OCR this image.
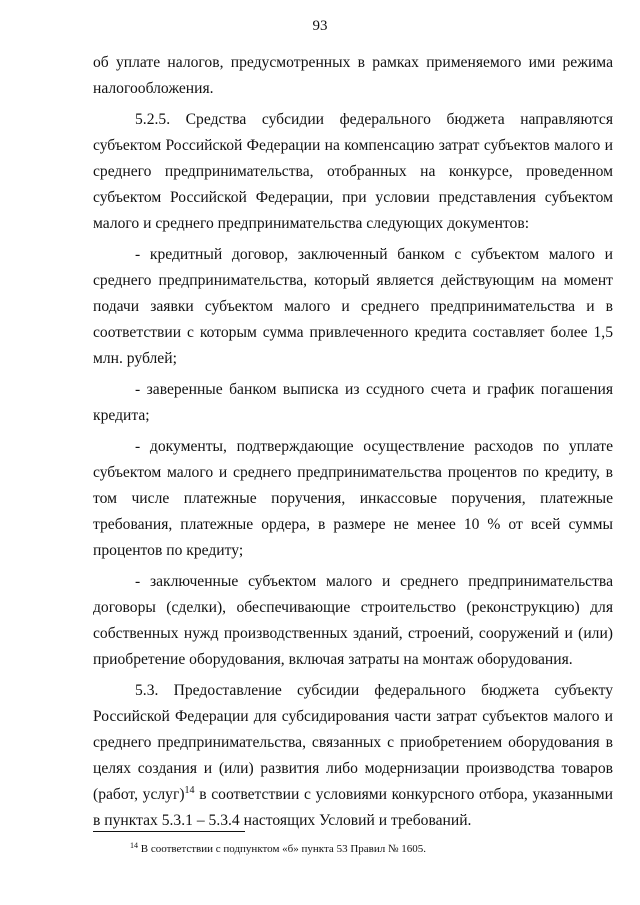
93

об уплате налогов, предусмотренных в рамках применяемого ими режима налогообложения.

5.2.5. Средства субсидии федерального бюджета направляются субъектом Российской Федерации на компенсацию затрат субъектов малого и среднего предпринимательства, отобранных на конкурсе, проведенном субъектом Российской Федерации, при условии представления субъектом малого и среднего предпринимательства следующих документов:

- кредитный договор, заключенный банком с субъектом малого и среднего предпринимательства, который является действующим на момент подачи заявки субъектом малого и среднего предпринимательства и в соответствии с которым сумма привлеченного кредита составляет более 1,5 млн. рублей;

- заверенные банком выписка из ссудного счета и график погашения кредита;

- документы, подтверждающие осуществление расходов по уплате субъектом малого и среднего предпринимательства процентов по кредиту, в том числе платежные поручения, инкассовые поручения, платежные требования, платежные ордера, в размере не менее 10 % от всей суммы процентов по кредиту;

- заключенные субъектом малого и среднего предпринимательства договоры (сделки), обеспечивающие строительство (реконструкцию) для собственных нужд производственных зданий, строений, сооружений и (или) приобретение оборудования, включая затраты на монтаж оборудования.

5.3. Предоставление субсидии федерального бюджета субъекту Российской Федерации для субсидирования части затрат субъектов малого и среднего предпринимательства, связанных с приобретением оборудования в целях создания и (или) развития либо модернизации производства товаров (работ, услуг)$^{14}$ в соответствии с условиями конкурсного отбора, указанными в пунктах 5.3.1 – 5.3.4 настоящих Условий и требований.

$^{14}$ В соответствии с подпунктом «б» пункта 53 Правил № 1605.
